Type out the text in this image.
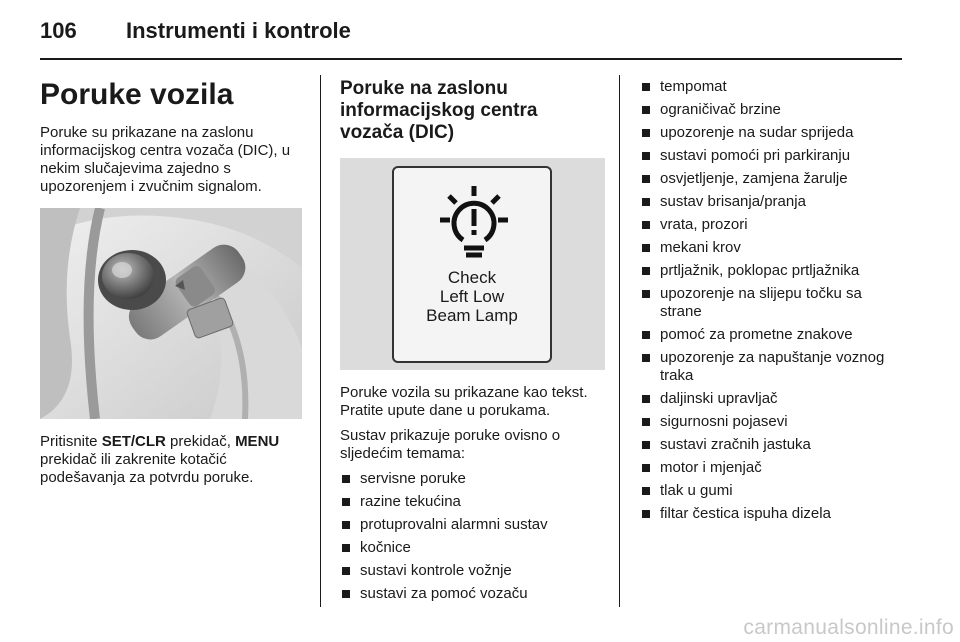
106	Instrumenti i kontrole
Poruke vozila

Poruke su prikazane na zaslonu informacijskog centra vozača (DIC), u nekim slučajevima zajedno s upozorenjem i zvučnim signalom.

Pritisnite SET/CLR prekidač, MENU prekidač ili zakrenite kotačić podešavanja za potvrdu poruke.

Poruke na zaslonu informacijskog centra vozača (DIC)
Check
Left Low
Beam Lamp

Poruke vozila su prikazane kao tekst. Pratite upute dane u porukama.

Sustav prikazuje poruke ovisno o sljedećim temama:

servisne poruke
razine tekućina
protuprovalni alarmni sustav
kočnice
sustavi kontrole vožnje
sustavi za pomoć vozaču
tempomat
ograničivač brzine
upozorenje na sudar sprijeda
sustavi pomoći pri parkiranju
osvjetljenje, zamjena žarulje
sustav brisanja/pranja
vrata, prozori
mekani krov
prtljažnik, poklopac prtljažnika
upozorenje na slijepu točku sa strane
pomoć za prometne znakove
upozorenje za napuštanje voznog traka
daljinski upravljač
sigurnosni pojasevi
sustavi zračnih jastuka
motor i mjenjač
tlak u gumi
filtar čestica ispuha dizela
carmanualsonline.info
